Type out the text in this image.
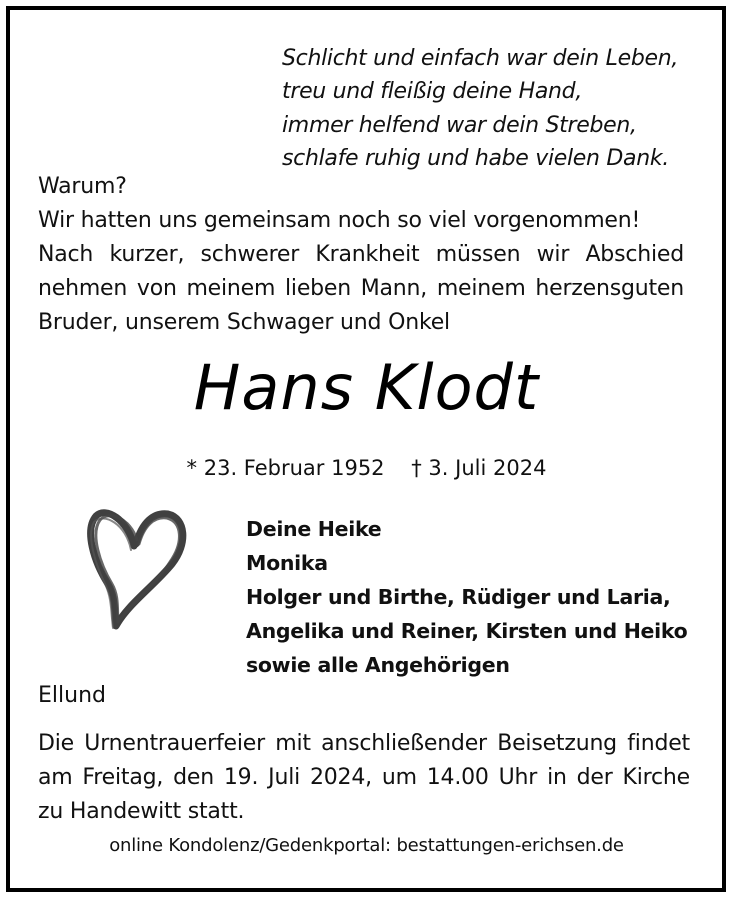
Schlicht und einfach war dein Leben,
treu und fleißig deine Hand,
immer helfend war dein Streben,
schlafe ruhig und habe vielen Dank.
Warum?
Wir hatten uns gemeinsam noch so viel vorgenommen!
Nach kurzer, schwerer Krankheit müssen wir Abschied
nehmen von meinem lieben Mann, meinem herzensguten
Bruder, unserem Schwager und Onkel
Hans Klodt
* 23. Februar 1952 † 3. Juli 2024
Deine Heike
Monika
Holger und Birthe, Rüdiger und Laria,
Angelika und Reiner, Kirsten und Heiko
sowie alle Angehörigen
Ellund
Die Urnentrauerfeier mit anschließender Beisetzung findet
am Freitag, den 19. Juli 2024, um 14.00 Uhr in der Kirche
zu Handewitt statt.
online Kondolenz/Gedenkportal: bestattungen-erichsen.de
